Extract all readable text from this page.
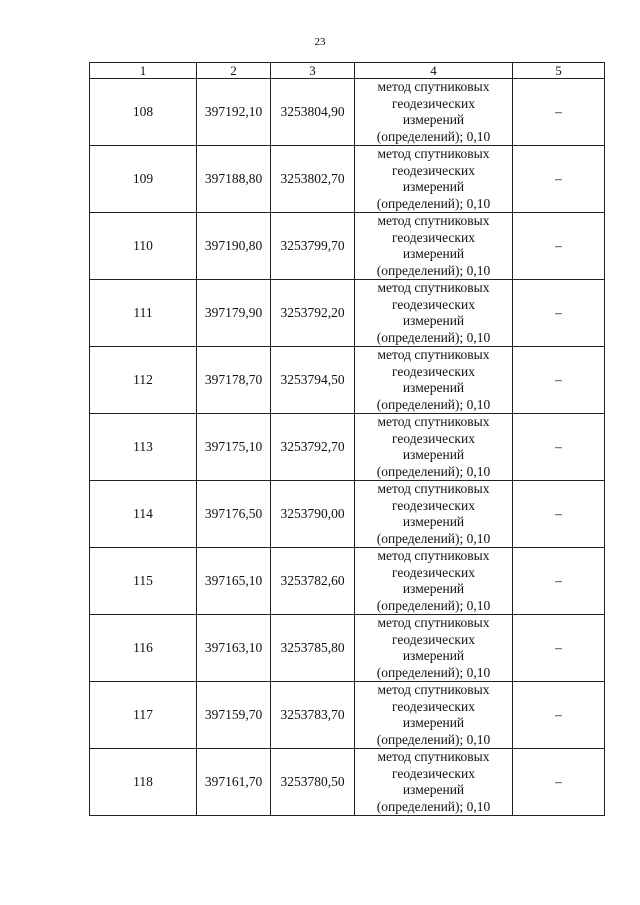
23
1	2	3	4	5
108	397192,10	3253804,90	метод спутниковых
геодезических
измерений
(определений); 0,10	–
109	397188,80	3253802,70	метод спутниковых
геодезических
измерений
(определений); 0,10	–
110	397190,80	3253799,70	метод спутниковых
геодезических
измерений
(определений); 0,10	–
111	397179,90	3253792,20	метод спутниковых
геодезических
измерений
(определений); 0,10	–
112	397178,70	3253794,50	метод спутниковых
геодезических
измерений
(определений); 0,10	–
113	397175,10	3253792,70	метод спутниковых
геодезических
измерений
(определений); 0,10	–
114	397176,50	3253790,00	метод спутниковых
геодезических
измерений
(определений); 0,10	–
115	397165,10	3253782,60	метод спутниковых
геодезических
измерений
(определений); 0,10	–
116	397163,10	3253785,80	метод спутниковых
геодезических
измерений
(определений); 0,10	–
117	397159,70	3253783,70	метод спутниковых
геодезических
измерений
(определений); 0,10	–
118	397161,70	3253780,50	метод спутниковых
геодезических
измерений
(определений); 0,10	–
